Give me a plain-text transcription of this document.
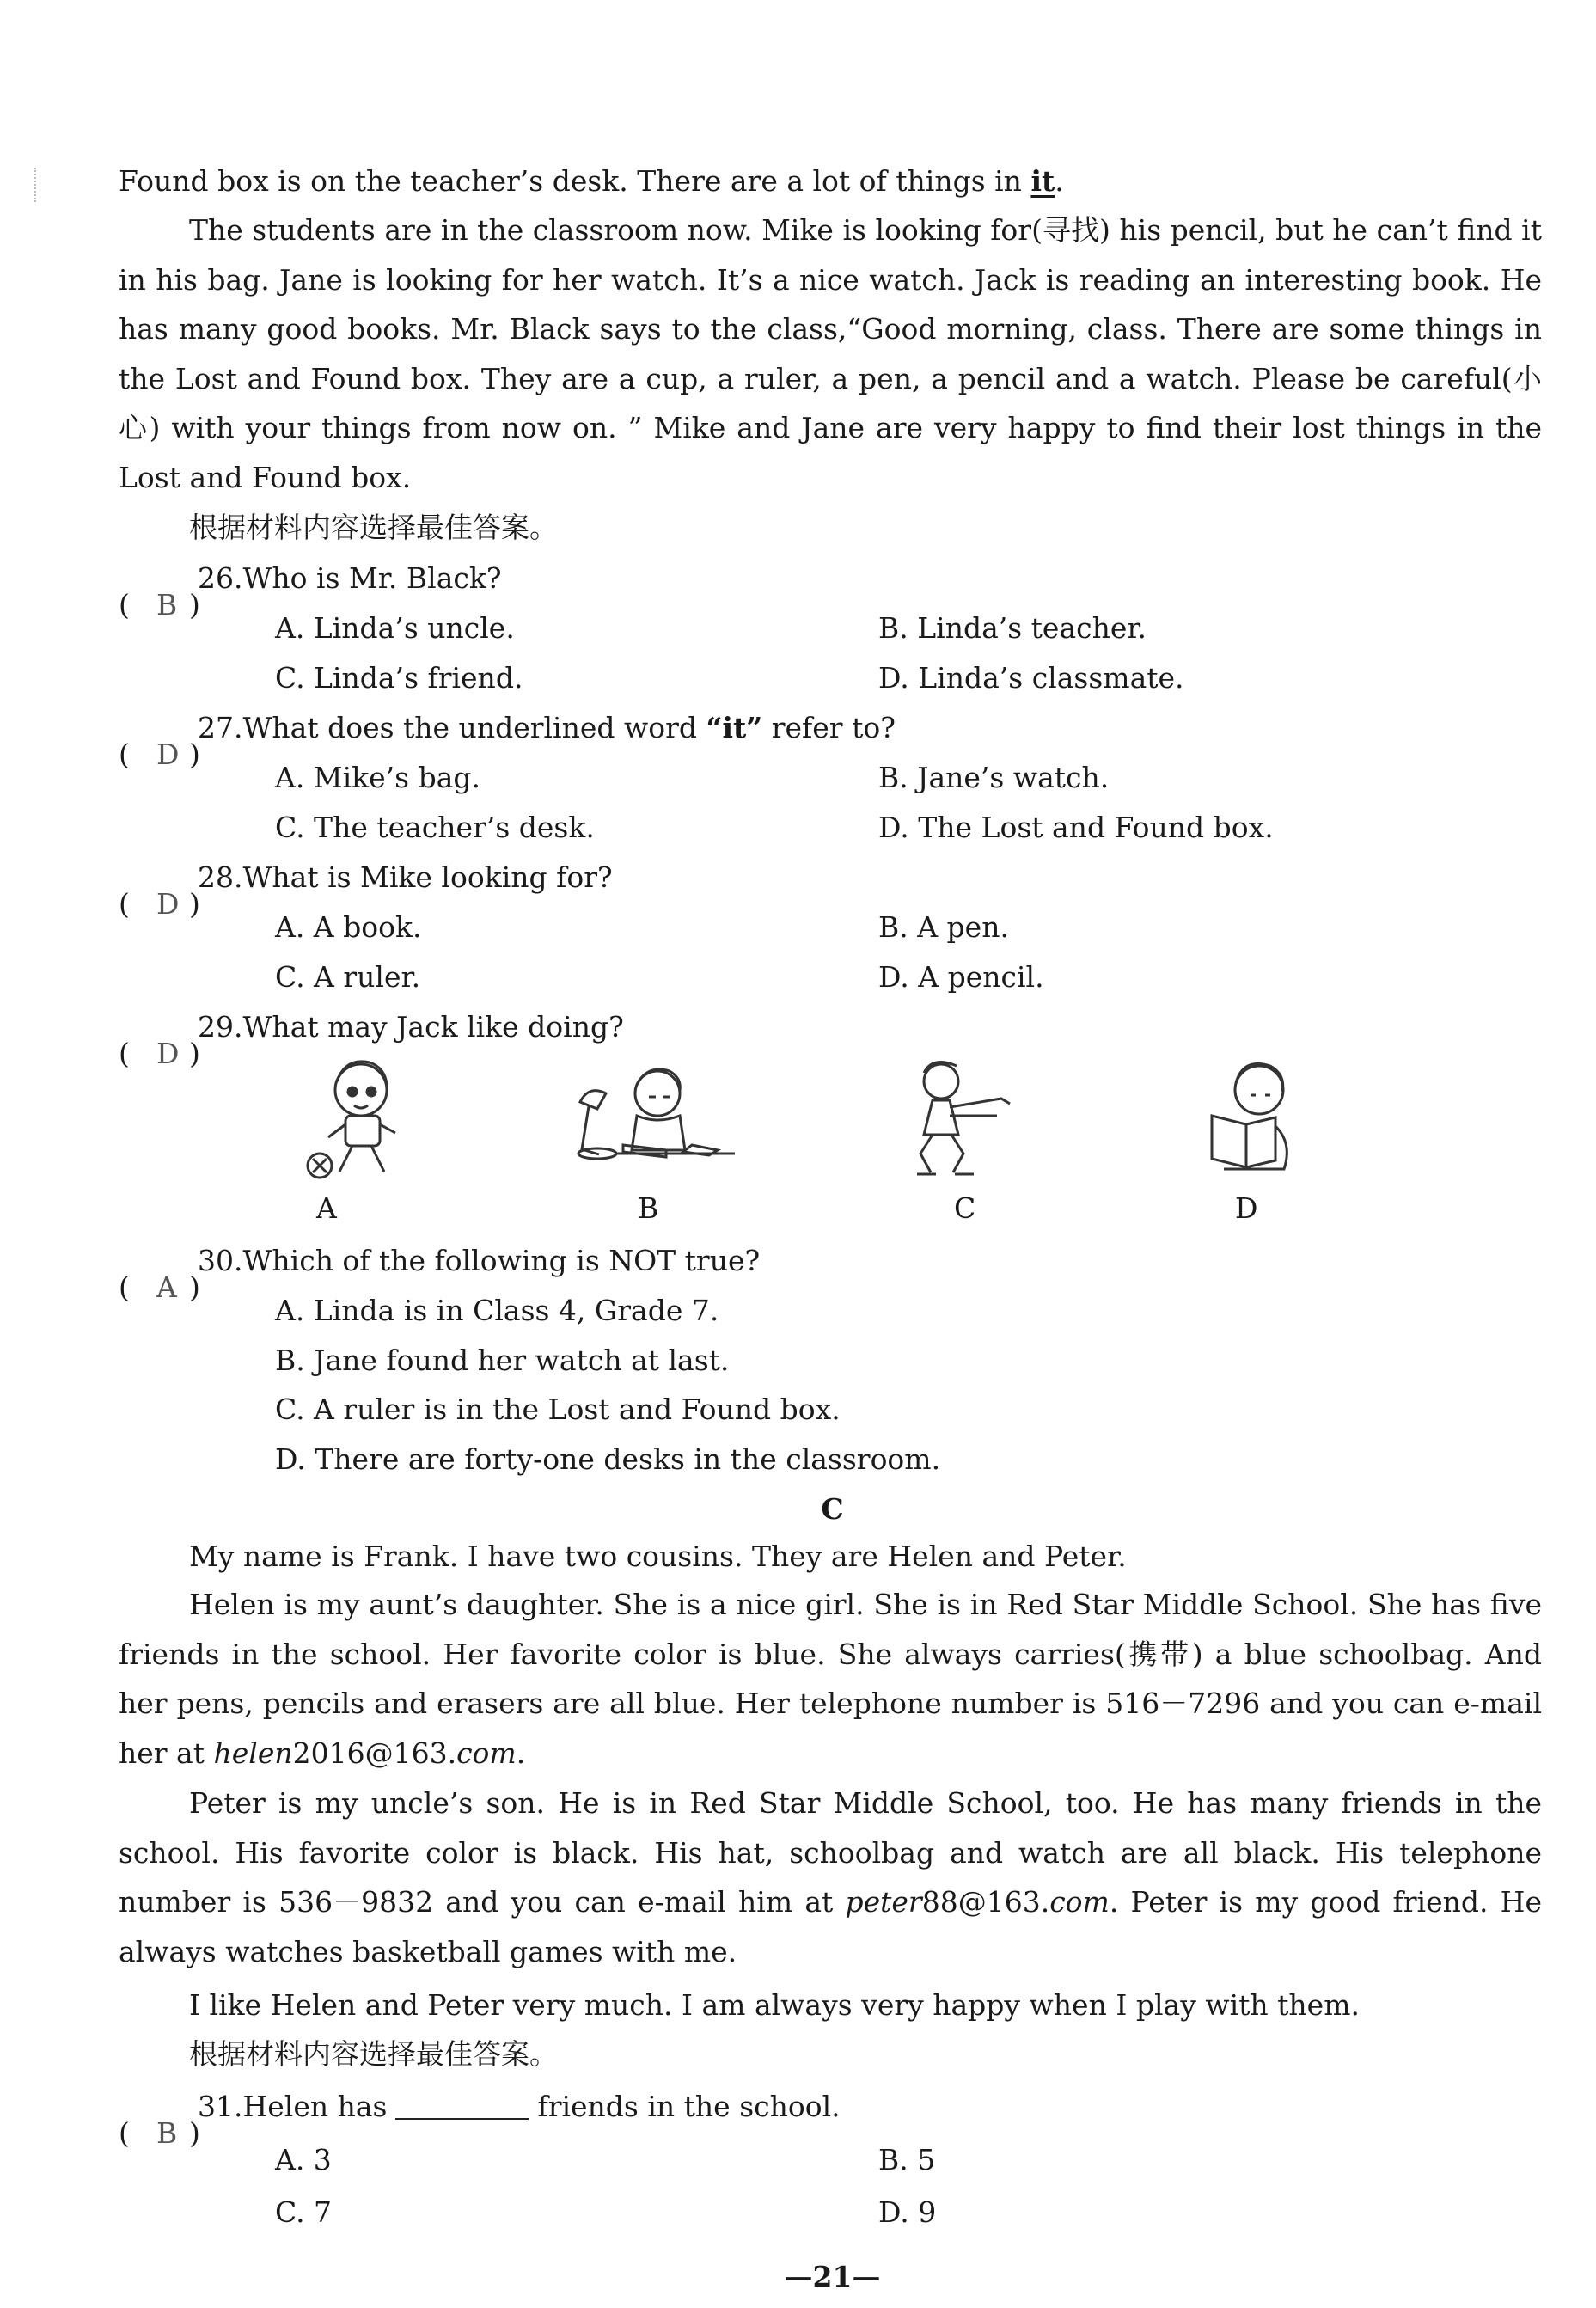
Found box is on the teacher’s desk. There are a lot of things in it.
The students are in the classroom now. Mike is looking for(寻找) his pencil, but he can’t find it in his bag. Jane is looking for her watch. It’s a nice watch. Jack is reading an interesting book. He has many good books. Mr. Black says to the class,“Good morning, class. There are some things in the Lost and Found box. They are a cup, a ruler, a pen, a pencil and a watch. Please be careful(小心) with your things from now on. ” Mike and Jane are very happy to find their lost things in the Lost and Found box.
根据材料内容选择最佳答案。
( B )
26.Who is Mr. Black?
A. Linda’s uncle.	B. Linda’s teacher.
C. Linda’s friend.	D. Linda’s classmate.
( D )
27.What does the underlined word “it” refer to?
A. Mike’s bag.	B. Jane’s watch.
C. The teacher’s desk.	D. The Lost and Found box.
( D )
28.What is Mike looking for?
A. A book.	B. A pen.
C. A ruler.	D. A pencil.
( D )
29.What may Jack like doing?
A	B	C	D
( A )
30.Which of the following is NOT true?
A. Linda is in Class 4, Grade 7.
B. Jane found her watch at last.
C. A ruler is in the Lost and Found box.
D. There are forty-one desks in the classroom.
C
My name is Frank. I have two cousins. They are Helen and Peter.
Helen is my aunt’s daughter. She is a nice girl. She is in Red Star Middle School. She has five friends in the school. Her favorite color is blue. She always carries(携带) a blue schoolbag. And her pens, pencils and erasers are all blue. Her telephone number is 516－7296 and you can e-mail her at helen2016@163.com.
Peter is my uncle’s son. He is in Red Star Middle School, too. He has many friends in the school. His favorite color is black. His hat, schoolbag and watch are all black. His telephone number is 536－9832 and you can e-mail him at peter88@163.com. Peter is my good friend. He always watches basketball games with me.
I like Helen and Peter very much. I am always very happy when I play with them.
根据材料内容选择最佳答案。
( B )
31.Helen has	friends in the school.
A. 3	B. 5
C. 7	D. 9
—21—
